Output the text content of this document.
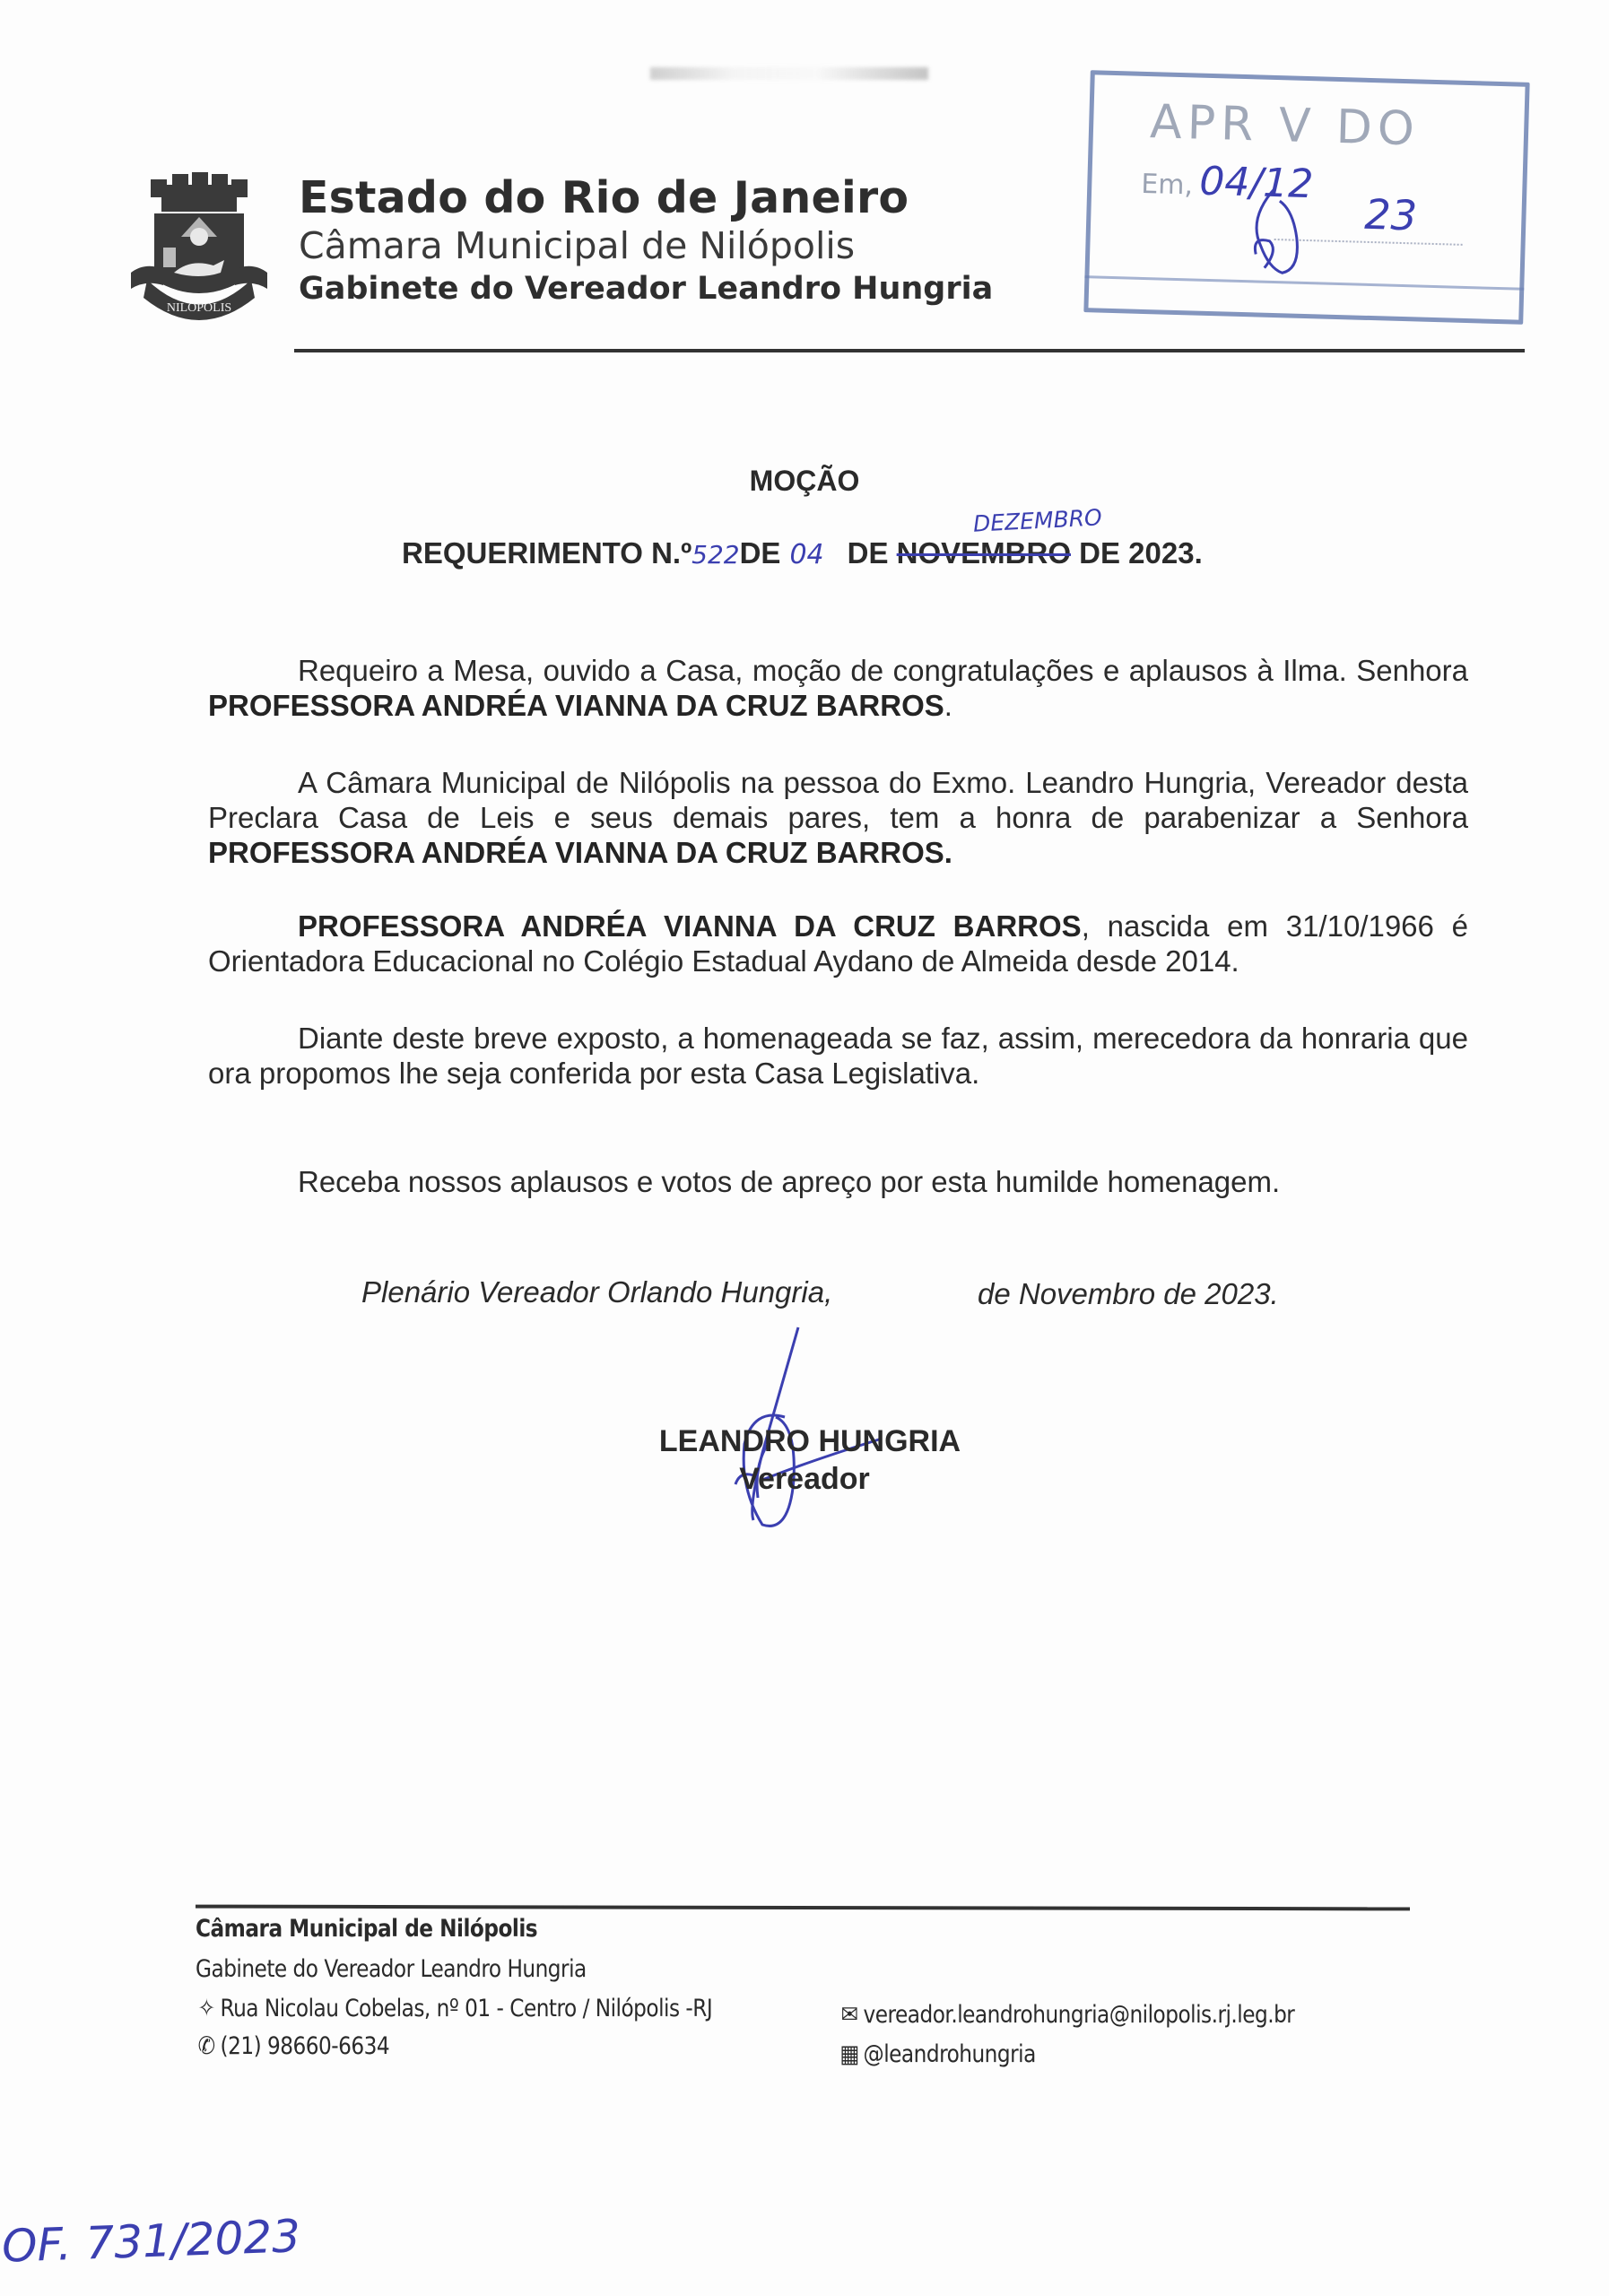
NILOPOLIS
Estado do Rio de Janeiro
Câmara Municipal de Nilópolis
Gabinete do Vereador Leandro Hungria
APR V DO
Em, 04/12
23
MOÇÃO
DEZEMBRO
REQUERIMENTO N.º522DE 04 DE NOVEMBRO DE 2023.
Requeiro a Mesa, ouvido a Casa, moção de congratulações e aplausos à Ilma. Senhora PROFESSORA ANDRÉA VIANNA DA CRUZ BARROS.
A Câmara Municipal de Nilópolis na pessoa do Exmo. Leandro Hungria, Vereador desta Preclara Casa de Leis e seus demais pares, tem a honra de parabenizar a Senhora PROFESSORA ANDRÉA VIANNA DA CRUZ BARROS.
PROFESSORA ANDRÉA VIANNA DA CRUZ BARROS, nascida em 31/10/1966 é Orientadora Educacional no Colégio Estadual Aydano de Almeida desde 2014.
Diante deste breve exposto, a homenageada se faz, assim, merecedora da honraria que ora propomos lhe seja conferida por esta Casa Legislativa.
Receba nossos aplausos e votos de apreço por esta humilde homenagem.
Plenário Vereador Orlando Hungria,	de Novembro de 2023.
LEANDRO HUNGRIA
Vereador
Câmara Municipal de Nilópolis
Gabinete do Vereador Leandro Hungria
✧ Rua Nicolau Cobelas, nº 01 - Centro / Nilópolis -RJ
✆ (21) 98660-6634
✉ vereador.leandrohungria@nilopolis.rj.leg.br
▦ @leandrohungria
OF. 731/2023
